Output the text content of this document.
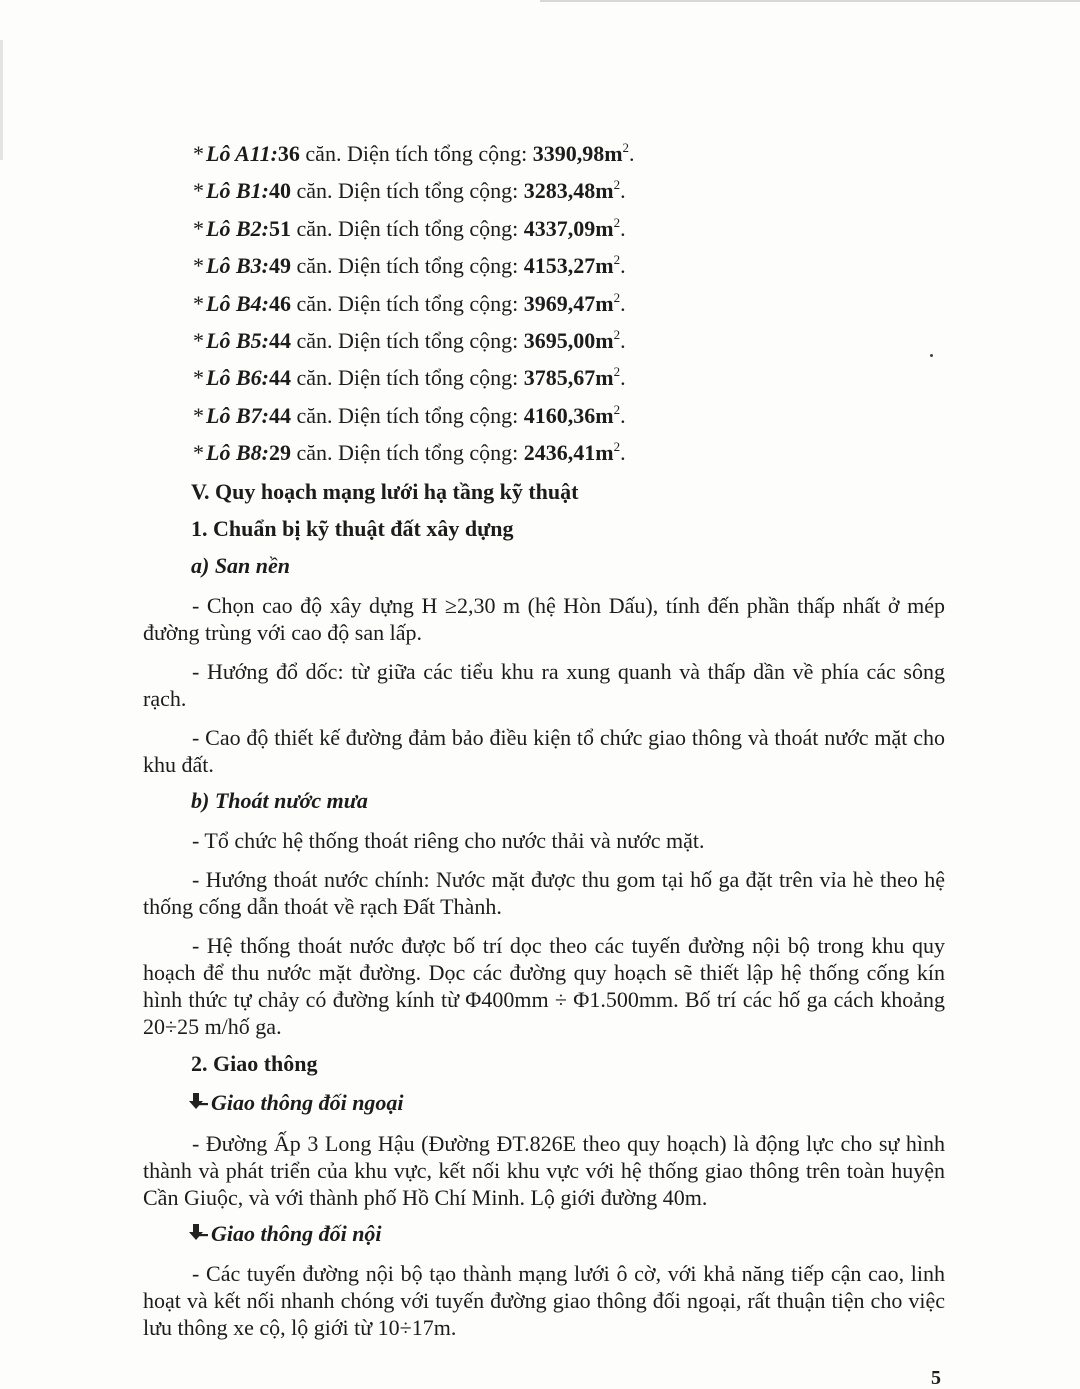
*Lô A11:36 căn. Diện tích tổng cộng: $3390,98m^2$.
*Lô B1:40 căn. Diện tích tổng cộng: $3283,48m^2$.
*Lô B2:51 căn. Diện tích tổng cộng: $4337,09m^2$.
*Lô B3:49 căn. Diện tích tổng cộng: $4153,27m^2$.
*Lô B4:46 căn. Diện tích tổng cộng: $3969,47m^2$.
*Lô B5:44 căn. Diện tích tổng cộng: $3695,00m^2$.
*Lô B6:44 căn. Diện tích tổng cộng: $3785,67m^2$.
*Lô B7:44 căn. Diện tích tổng cộng: $4160,36m^2$.
*Lô B8:29 căn. Diện tích tổng cộng: $2436,41m^2$.
V. Quy hoạch mạng lưới hạ tầng kỹ thuật
1. Chuẩn bị kỹ thuật đất xây dựng
a) San nền
- Chọn cao độ xây dựng H ≥2,30 m (hệ Hòn Dấu), tính đến phần thấp nhất ở mép đường trùng với cao độ san lấp.
- Hướng đổ dốc: từ giữa các tiểu khu ra xung quanh và thấp dần về phía các sông rạch.
- Cao độ thiết kế đường đảm bảo điều kiện tổ chức giao thông và thoát nước mặt cho khu đất.
b) Thoát nước mưa
- Tổ chức hệ thống thoát riêng cho nước thải và nước mặt.
- Hướng thoát nước chính: Nước mặt được thu gom tại hố ga đặt trên vỉa hè theo hệ thống cống dẫn thoát về rạch Đất Thành.
- Hệ thống thoát nước được bố trí dọc theo các tuyến đường nội bộ trong khu quy hoạch để thu nước mặt đường. Dọc các đường quy hoạch sẽ thiết lập hệ thống cống kín hình thức tự chảy có đường kính từ Φ400mm ÷ Φ1.500mm. Bố trí các hố ga cách khoảng 20÷25 m/hố ga.
2. Giao thông
Giao thông đối ngoại
- Đường Ấp 3 Long Hậu (Đường ĐT.826E theo quy hoạch) là động lực cho sự hình thành và phát triển của khu vực, kết nối khu vực với hệ thống giao thông trên toàn huyện Cần Giuộc, và với thành phố Hồ Chí Minh. Lộ giới đường 40m.
Giao thông đối nội
- Các tuyến đường nội bộ tạo thành mạng lưới ô cờ, với khả năng tiếp cận cao, linh hoạt và kết nối nhanh chóng với tuyến đường giao thông đối ngoại, rất thuận tiện cho việc lưu thông xe cộ, lộ giới từ 10÷17m.
5
